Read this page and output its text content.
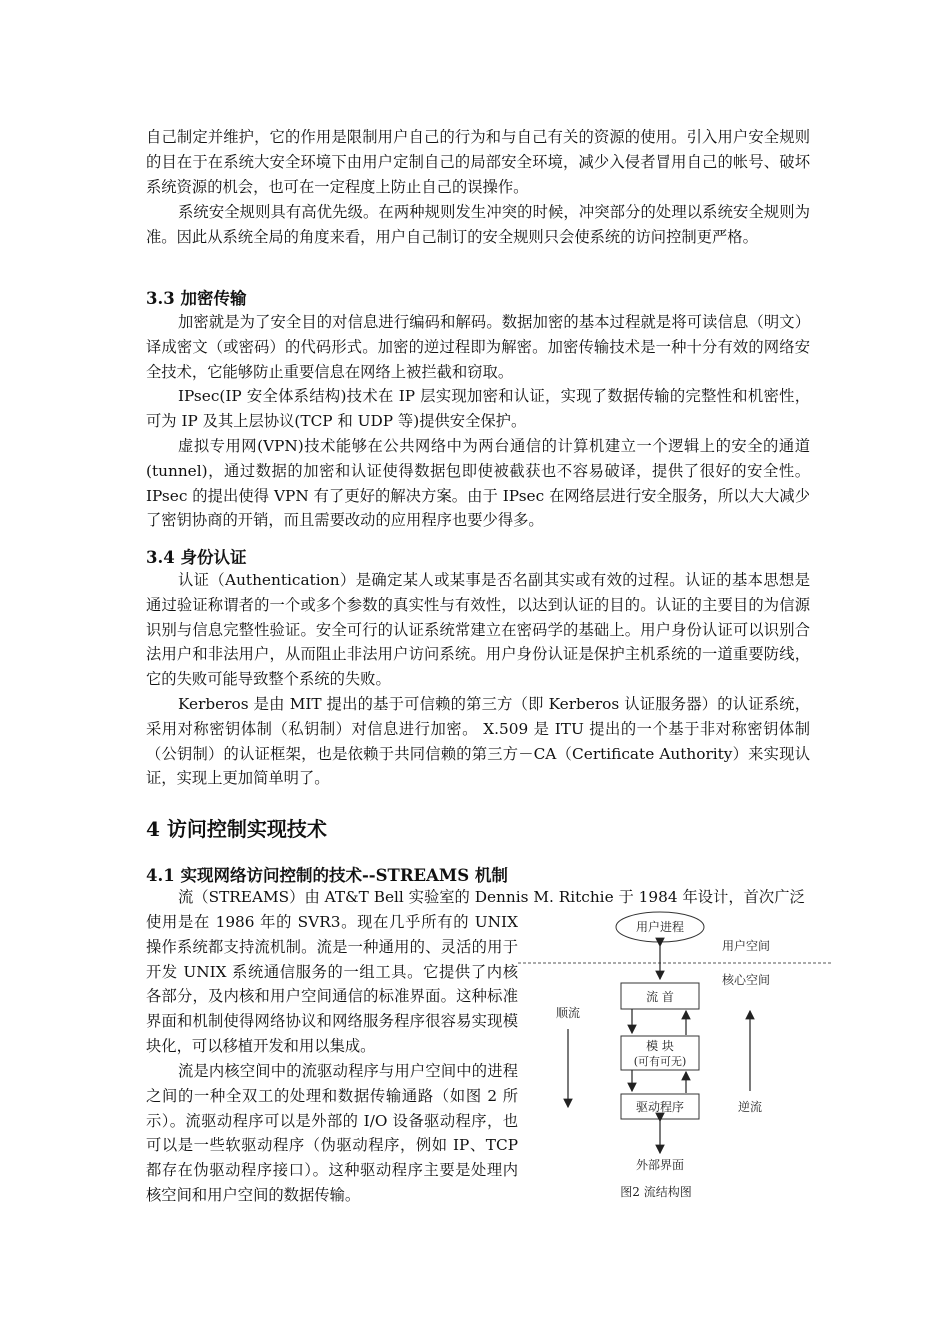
自己制定并维护，它的作用是限制用户自己的行为和与自己有关的资源的使用。引入用户安全规则的目在于在系统大安全环境下由用户定制自己的局部安全环境，减少入侵者冒用自己的帐号、破坏系统资源的机会，也可在一定程度上防止自己的误操作。

系统安全规则具有高优先级。在两种规则发生冲突的时候，冲突部分的处理以系统安全规则为准。因此从系统全局的角度来看，用户自己制订的安全规则只会使系统的访问控制更严格。

3.3 加密传输

加密就是为了安全目的对信息进行编码和解码。数据加密的基本过程就是将可读信息（明文）译成密文（或密码）的代码形式。加密的逆过程即为解密。加密传输技术是一种十分有效的网络安全技术，它能够防止重要信息在网络上被拦截和窃取。

IPsec(IP 安全体系结构)技术在 IP 层实现加密和认证，实现了数据传输的完整性和机密性，可为 IP 及其上层协议(TCP 和 UDP 等)提供安全保护。

虚拟专用网(VPN)技术能够在公共网络中为两台通信的计算机建立一个逻辑上的安全的通道(tunnel)，通过数据的加密和认证使得数据包即使被截获也不容易破译，提供了很好的安全性。IPsec 的提出使得 VPN 有了更好的解决方案。由于 IPsec 在网络层进行安全服务，所以大大减少了密钥协商的开销，而且需要改动的应用程序也要少得多。

3.4 身份认证

认证（Authentication）是确定某人或某事是否名副其实或有效的过程。认证的基本思想是通过验证称谓者的一个或多个参数的真实性与有效性，以达到认证的目的。认证的主要目的为信源识别与信息完整性验证。安全可行的认证系统常建立在密码学的基础上。用户身份认证可以识别合法用户和非法用户，从而阻止非法用户访问系统。用户身份认证是保护主机系统的一道重要防线，它的失败可能导致整个系统的失败。

Kerberos 是由 MIT 提出的基于可信赖的第三方（即 Kerberos 认证服务器）的认证系统，采用对称密钥体制（私钥制）对信息进行加密。 X.509 是 ITU 提出的一个基于非对称密钥体制（公钥制）的认证框架，也是依赖于共同信赖的第三方－CA（Certificate Authority）来实现认证，实现上更加简单明了。

4 访问控制实现技术
4.1 实现网络访问控制的技术--STREAMS 机制

流（STREAMS）由 AT&T Bell 实验室的 Dennis M. Ritchie 于 1984 年设计，首次广泛

使用是在 1986 年的 SVR3。现在几乎所有的 UNIX 操作系统都支持流机制。流是一种通用的、灵活的用于开发 UNIX 系统通信服务的一组工具。它提供了内核各部分，及内核和用户空间通信的标准界面。这种标准界面和机制使得网络协议和网络服务程序很容易实现模块化，可以移植开发和用以集成。

流是内核空间中的流驱动程序与用户空间中的进程之间的一种全双工的处理和数据传输通路（如图 2 所示）。流驱动程序可以是外部的 I/O 设备驱动程序，也可以是一些软驱动程序（伪驱动程序，例如 IP、TCP 都存在伪驱动程序接口）。这种驱动程序主要是处理内核空间和用户空间的数据传输。

用户进程
用户空间
核心空间
流 首
模 块
(可有可无)
驱动程序
外部界面
顺流
逆流
图2 流结构图
